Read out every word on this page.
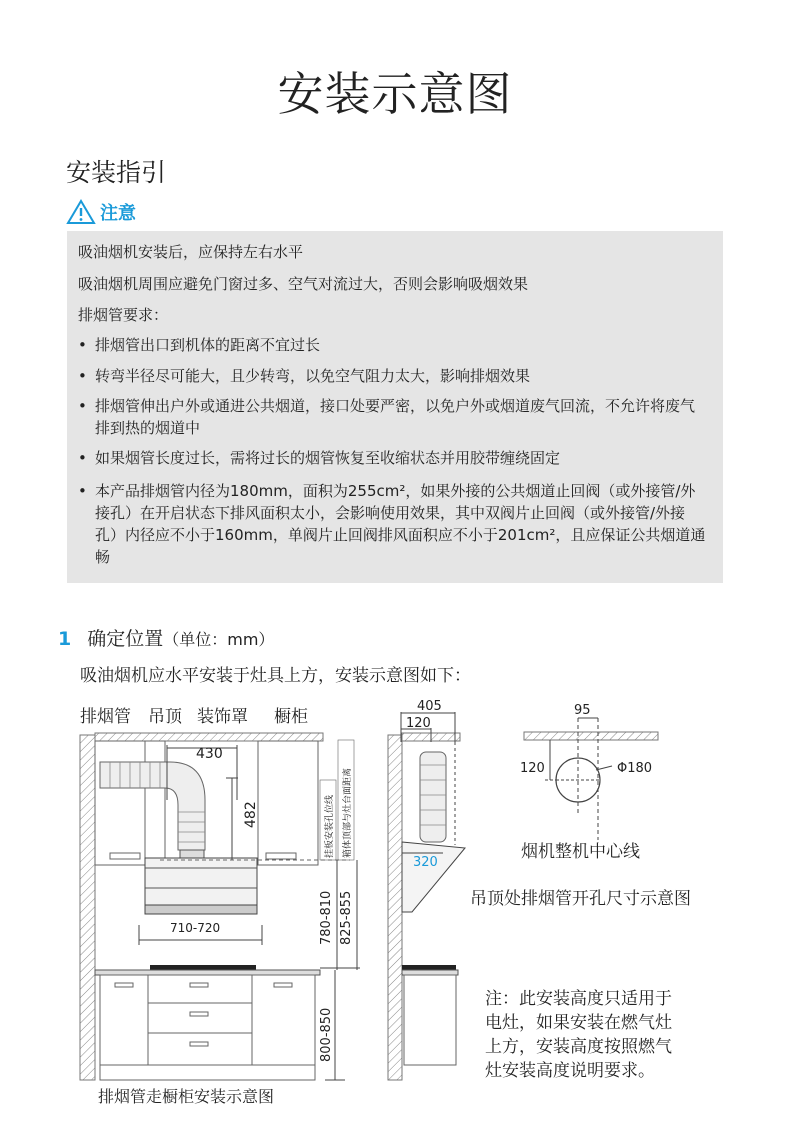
安装示意图
安装指引
注意
吸油烟机安装后，应保持左右水平
吸油烟机周围应避免门窗过多、空气对流过大，否则会影响吸烟效果
排烟管要求：
• 排烟管出口到机体的距离不宜过长
• 转弯半径尽可能大，且少转弯，以免空气阻力太大，影响排烟效果
• 排烟管伸出户外或通进公共烟道，接口处要严密，以免户外或烟道废气回流，不允许将废气排到热的烟道中
• 如果烟管长度过长，需将过长的烟管恢复至收缩状态并用胶带缠绕固定
• 本产品排烟管内径为180mm，面积为255cm²，如果外接的公共烟道止回阀（或外接管/外接孔）在开启状态下排风面积太小，会影响使用效果，其中双阀片止回阀（或外接管/外接孔）内径应不小于160mm，单阀片止回阀排风面积应不小于201cm²，且应保证公共烟道通畅
1 确定位置（单位：mm）
吸油烟机应水平安装于灶具上方，安装示意图如下：
排烟管 吊顶 装饰罩 橱柜
430
482
710-720	780-810 825-855
800-850
挂板安装孔位线 箱体顶部与灶台面距离
排烟管走橱柜安装示意图
405
120
320
95
120	Φ180
烟机整机中心线
吊顶处排烟管开孔尺寸示意图
注：此安装高度只适用于
电灶，如果安装在燃气灶
上方，安装高度按照燃气
灶安装高度说明要求。
